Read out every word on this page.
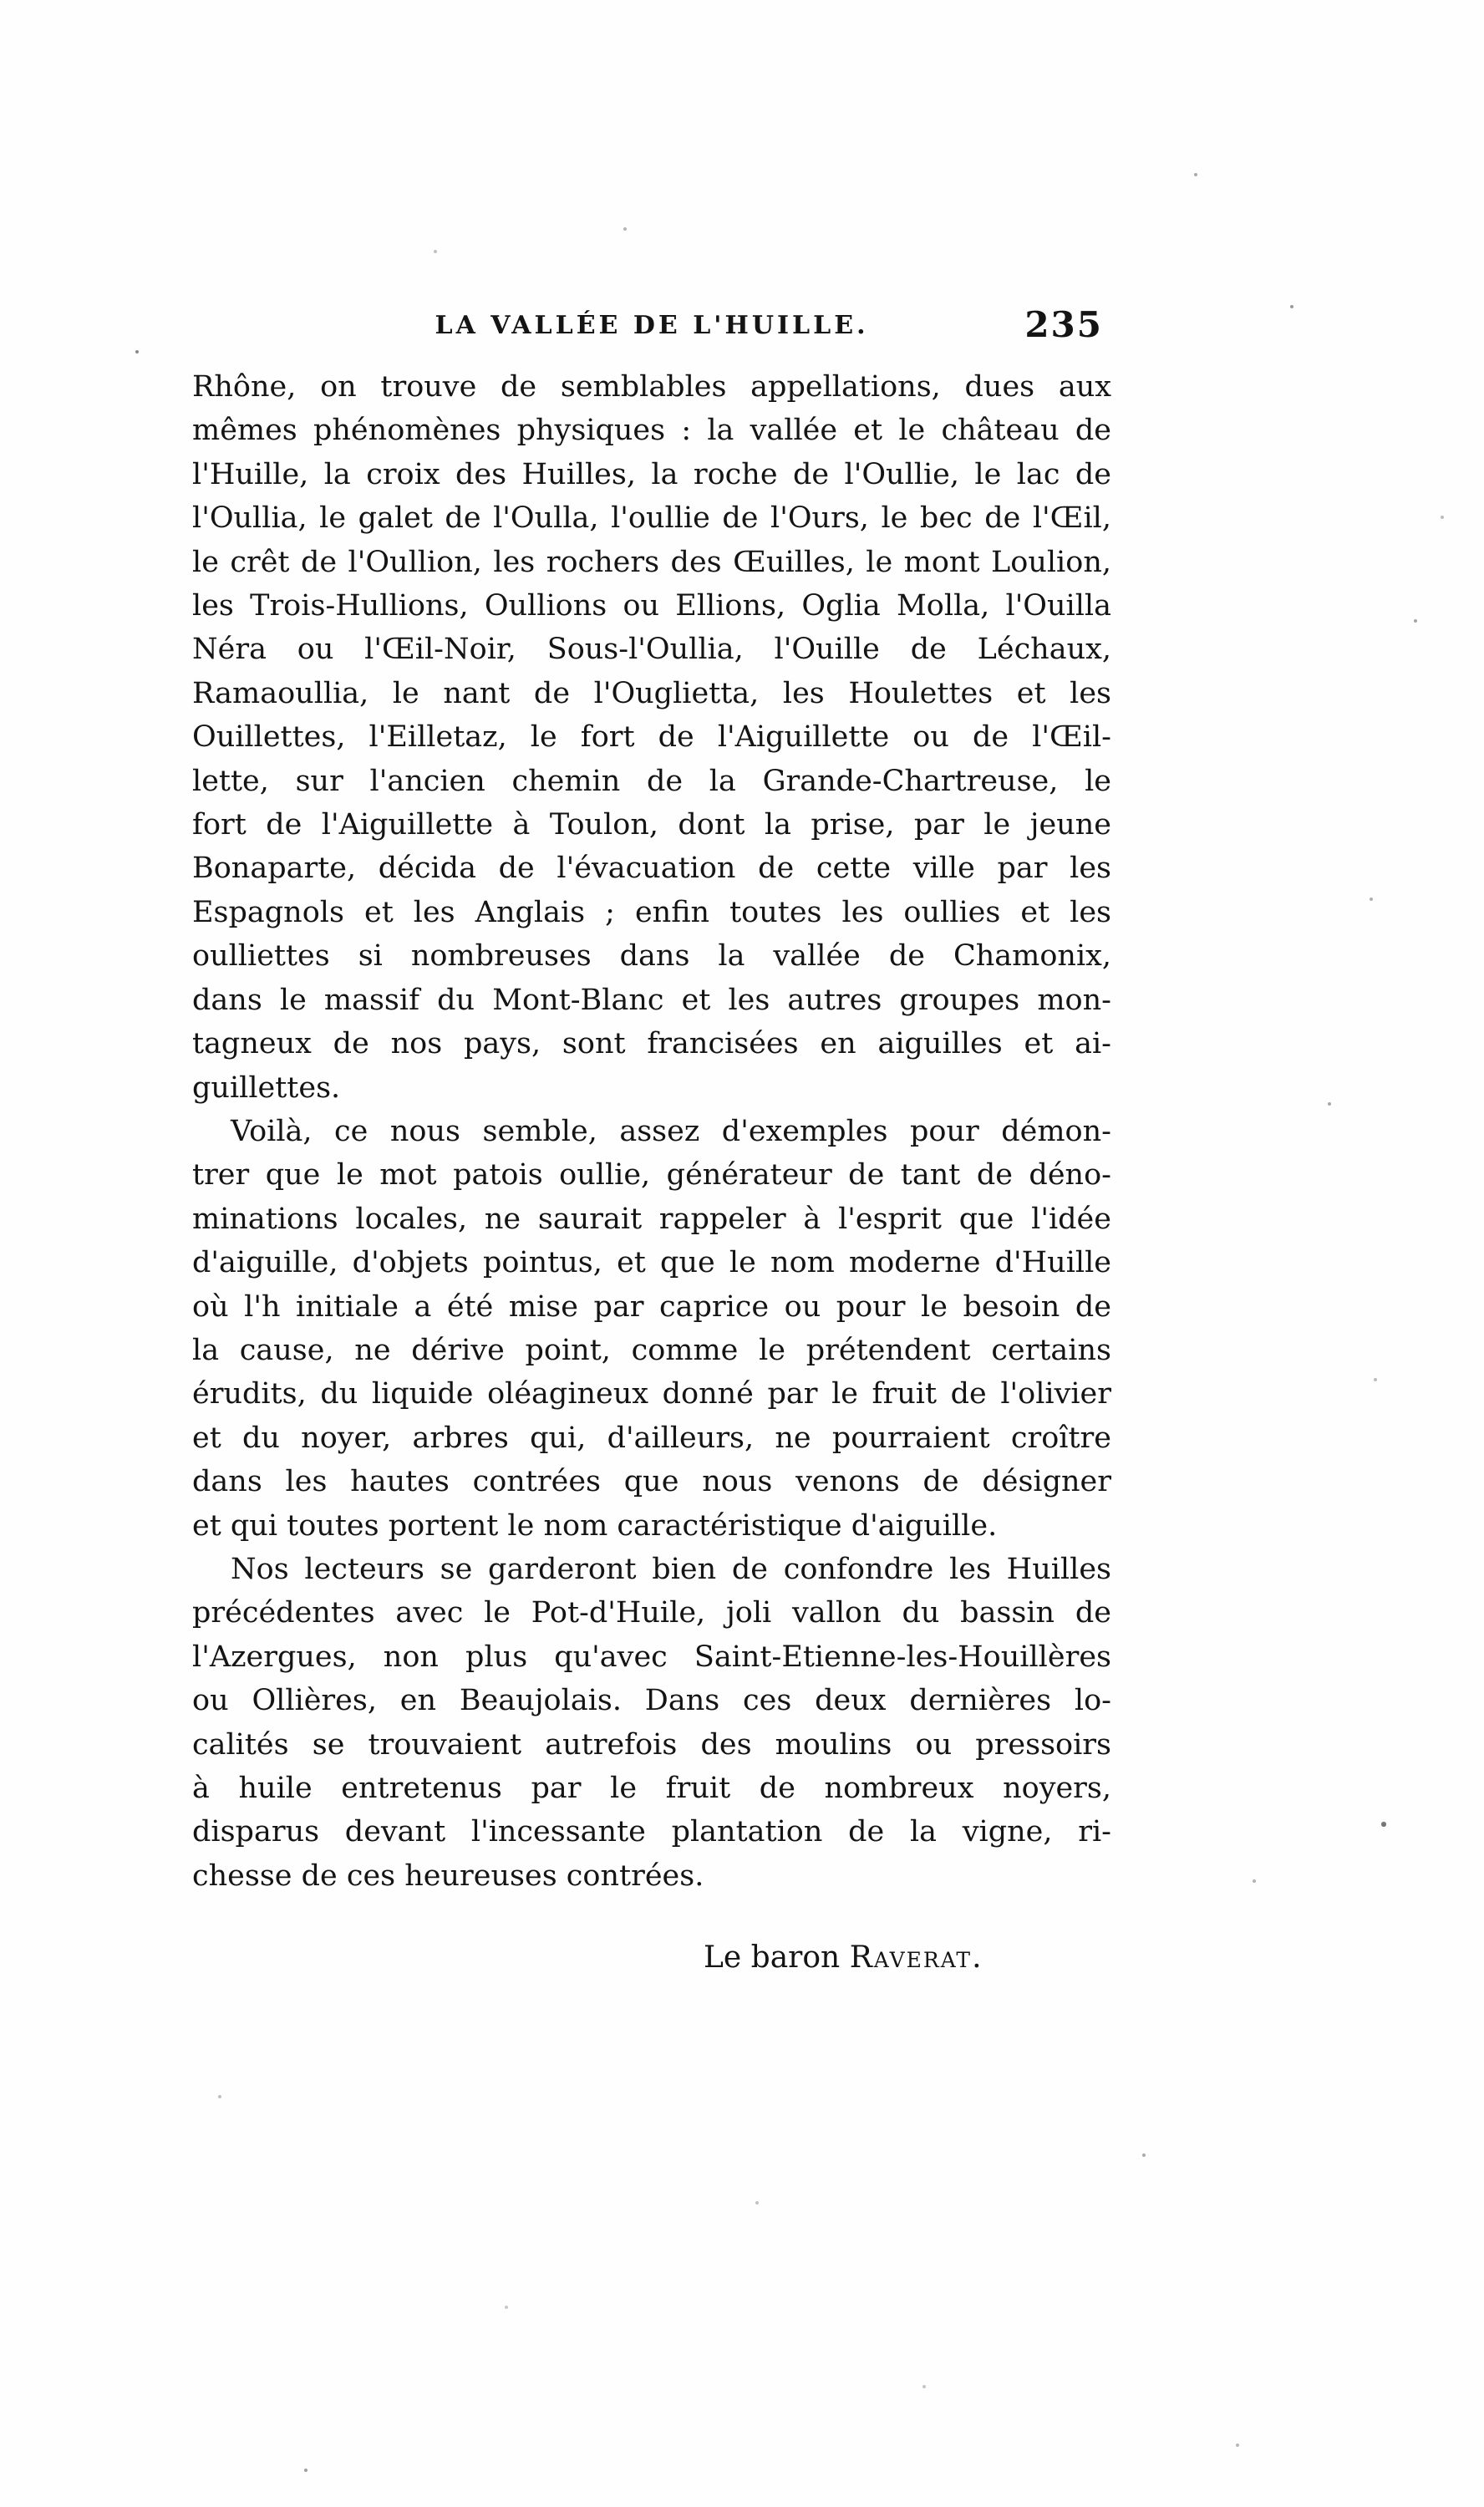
LA VALLÉE DE L'HUILLE.	235
Rhône, on trouve de semblables appellations, dues aux
mêmes phénomènes physiques : la vallée et le château de
l'Huille, la croix des Huilles, la roche de l'Oullie, le lac de
l'Oullia, le galet de l'Oulla, l'oullie de l'Ours, le bec de l'Œil,
le crêt de l'Oullion, les rochers des Œuilles, le mont Loulion,
les Trois-Hullions, Oullions ou Ellions, Oglia Molla, l'Ouilla
Néra ou l'Œil-Noir, Sous-l'Oullia, l'Ouille de Léchaux,
Ramaoullia, le nant de l'Ouglietta, les Houlettes et les
Ouillettes, l'Eilletaz, le fort de l'Aiguillette ou de l'Œil-
lette, sur l'ancien chemin de la Grande-Chartreuse, le
fort de l'Aiguillette à Toulon, dont la prise, par le jeune
Bonaparte, décida de l'évacuation de cette ville par les
Espagnols et les Anglais ; enfin toutes les oullies et les
oulliettes si nombreuses dans la vallée de Chamonix,
dans le massif du Mont-Blanc et les autres groupes mon-
tagneux de nos pays, sont francisées en aiguilles et ai-
guillettes.
Voilà, ce nous semble, assez d'exemples pour démon-
trer que le mot patois oullie, générateur de tant de déno-
minations locales, ne saurait rappeler à l'esprit que l'idée
d'aiguille, d'objets pointus, et que le nom moderne d'Huille
où l'h initiale a été mise par caprice ou pour le besoin de
la cause, ne dérive point, comme le prétendent certains
érudits, du liquide oléagineux donné par le fruit de l'olivier
et du noyer, arbres qui, d'ailleurs, ne pourraient croître
dans les hautes contrées que nous venons de désigner
et qui toutes portent le nom caractéristique d'aiguille.
Nos lecteurs se garderont bien de confondre les Huilles
précédentes avec le Pot-d'Huile, joli vallon du bassin de
l'Azergues, non plus qu'avec Saint-Etienne-les-Houillères
ou Ollières, en Beaujolais. Dans ces deux dernières lo-
calités se trouvaient autrefois des moulins ou pressoirs
à huile entretenus par le fruit de nombreux noyers,
disparus devant l'incessante plantation de la vigne, ri-
chesse de ces heureuses contrées.
Le baron Raverat.
